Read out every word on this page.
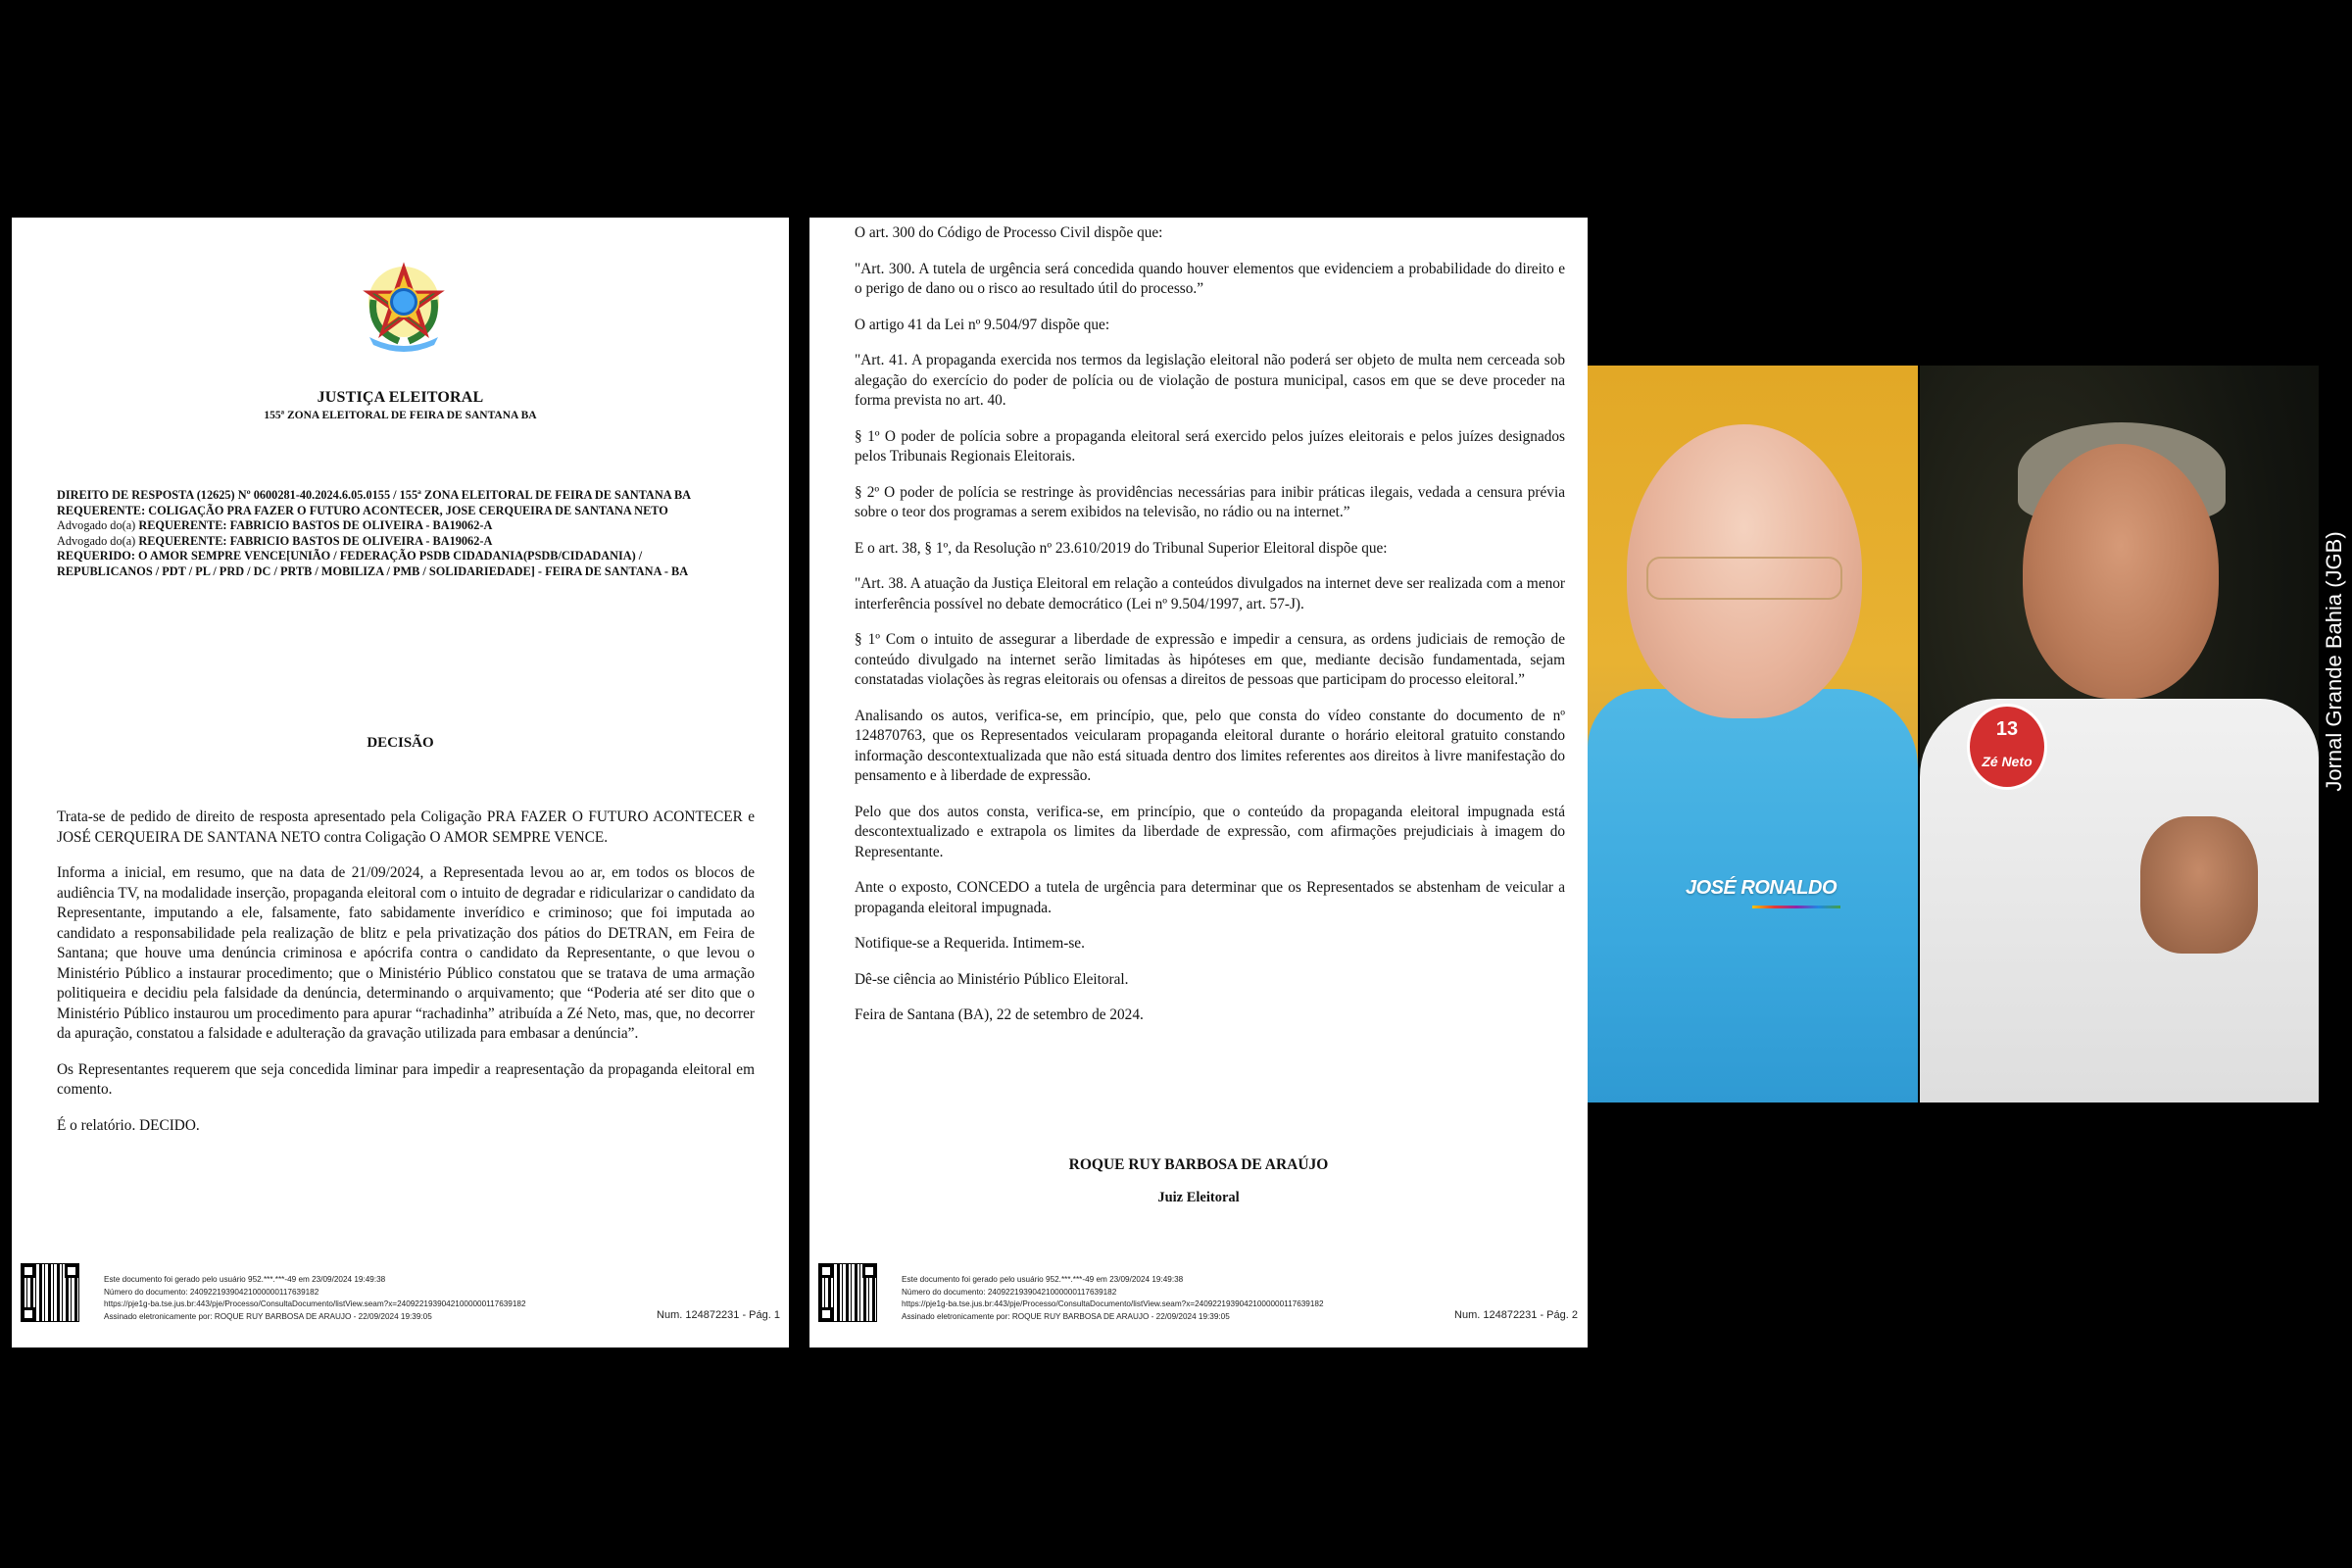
JUSTIÇA ELEITORAL
155ª ZONA ELEITORAL DE FEIRA DE SANTANA BA
DIREITO DE RESPOSTA (12625) Nº 0600281-40.2024.6.05.0155 / 155ª ZONA ELEITORAL DE FEIRA DE SANTANA BA
REQUERENTE: COLIGAÇÃO PRA FAZER O FUTURO ACONTECER, JOSE CERQUEIRA DE SANTANA NETO
Advogado do(a) REQUERENTE: FABRICIO BASTOS DE OLIVEIRA - BA19062-A
Advogado do(a) REQUERENTE: FABRICIO BASTOS DE OLIVEIRA - BA19062-A
REQUERIDO: O AMOR SEMPRE VENCE[UNIÃO / FEDERAÇÃO PSDB CIDADANIA(PSDB/CIDADANIA) /
REPUBLICANOS / PDT / PL / PRD / DC / PRTB / MOBILIZA / PMB / SOLIDARIEDADE] - FEIRA DE SANTANA - BA
DECISÃO

Trata-se de pedido de direito de resposta apresentado pela Coligação PRA FAZER O FUTURO ACONTECER e JOSÉ CERQUEIRA DE SANTANA NETO contra Coligação O AMOR SEMPRE VENCE.

Informa a inicial, em resumo, que na data de 21/09/2024, a Representada levou ao ar, em todos os blocos de audiência TV, na modalidade inserção, propaganda eleitoral com o intuito de degradar e ridicularizar o candidato da Representante, imputando a ele, falsamente, fato sabidamente inverídico e criminoso; que foi imputada ao candidato a responsabilidade pela realização de blitz e pela privatização dos pátios do DETRAN, em Feira de Santana; que houve uma denúncia criminosa e apócrifa contra o candidato da Representante, o que levou o Ministério Público a instaurar procedimento; que o Ministério Público constatou que se tratava de uma armação politiqueira e decidiu pela falsidade da denúncia, determinando o arquivamento; que “Poderia até ser dito que o Ministério Público instaurou um procedimento para apurar “rachadinha” atribuída a Zé Neto, mas, que, no decorrer da apuração, constatou a falsidade e adulteração da gravação utilizada para embasar a denúncia”.

Os Representantes requerem que seja concedida liminar para impedir a reapresentação da propaganda eleitoral em comento.

É o relatório. DECIDO.

Este documento foi gerado pelo usuário 952.***.***-49 em 23/09/2024 19:49:38
Número do documento: 24092219390421000000117639182
https://pje1g-ba.tse.jus.br:443/pje/Processo/ConsultaDocumento/listView.seam?x=24092219390421000000117639182
Assinado eletronicamente por: ROQUE RUY BARBOSA DE ARAUJO - 22/09/2024 19:39:05	Num. 124872231 - Pág. 1

O art. 300 do Código de Processo Civil dispõe que:

"Art. 300. A tutela de urgência será concedida quando houver elementos que evidenciem a probabilidade do direito e o perigo de dano ou o risco ao resultado útil do processo.”

O artigo 41 da Lei nº 9.504/97 dispõe que:

"Art. 41. A propaganda exercida nos termos da legislação eleitoral não poderá ser objeto de multa nem cerceada sob alegação do exercício do poder de polícia ou de violação de postura municipal, casos em que se deve proceder na forma prevista no art. 40.

§ 1º O poder de polícia sobre a propaganda eleitoral será exercido pelos juízes eleitorais e pelos juízes designados pelos Tribunais Regionais Eleitorais.

§ 2º O poder de polícia se restringe às providências necessárias para inibir práticas ilegais, vedada a censura prévia sobre o teor dos programas a serem exibidos na televisão, no rádio ou na internet.”

E o art. 38, § 1º, da Resolução nº 23.610/2019 do Tribunal Superior Eleitoral dispõe que:

"Art. 38. A atuação da Justiça Eleitoral em relação a conteúdos divulgados na internet deve ser realizada com a menor interferência possível no debate democrático (Lei nº 9.504/1997, art. 57-J).

§ 1º Com o intuito de assegurar a liberdade de expressão e impedir a censura, as ordens judiciais de remoção de conteúdo divulgado na internet serão limitadas às hipóteses em que, mediante decisão fundamentada, sejam constatadas violações às regras eleitorais ou ofensas a direitos de pessoas que participam do processo eleitoral.”

Analisando os autos, verifica-se, em princípio, que, pelo que consta do vídeo constante do documento de nº 124870763, que os Representados veicularam propaganda eleitoral durante o horário eleitoral gratuito constando informação descontextualizada que não está situada dentro dos limites referentes aos direitos à livre manifestação do pensamento e à liberdade de expressão.

Pelo que dos autos consta, verifica-se, em princípio, que o conteúdo da propaganda eleitoral impugnada está descontextualizado e extrapola os limites da liberdade de expressão, com afirmações prejudiciais à imagem do Representante.

Ante o exposto, CONCEDO a tutela de urgência para determinar que os Representados se abstenham de veicular a propaganda eleitoral impugnada.

Notifique-se a Requerida. Intimem-se.

Dê-se ciência ao Ministério Público Eleitoral.

Feira de Santana (BA), 22 de setembro de 2024.

ROQUE RUY BARBOSA DE ARAÚJO
Juiz Eleitoral
Este documento foi gerado pelo usuário 952.***.***-49 em 23/09/2024 19:49:38
Número do documento: 24092219390421000000117639182
https://pje1g-ba.tse.jus.br:443/pje/Processo/ConsultaDocumento/listView.seam?x=24092219390421000000117639182
Assinado eletronicamente por: ROQUE RUY BARBOSA DE ARAUJO - 22/09/2024 19:39:05	Num. 124872231 - Pág. 2
JOSÉ RONALDO
13
Zé Neto	Jornal Grande Bahia (JGB)
